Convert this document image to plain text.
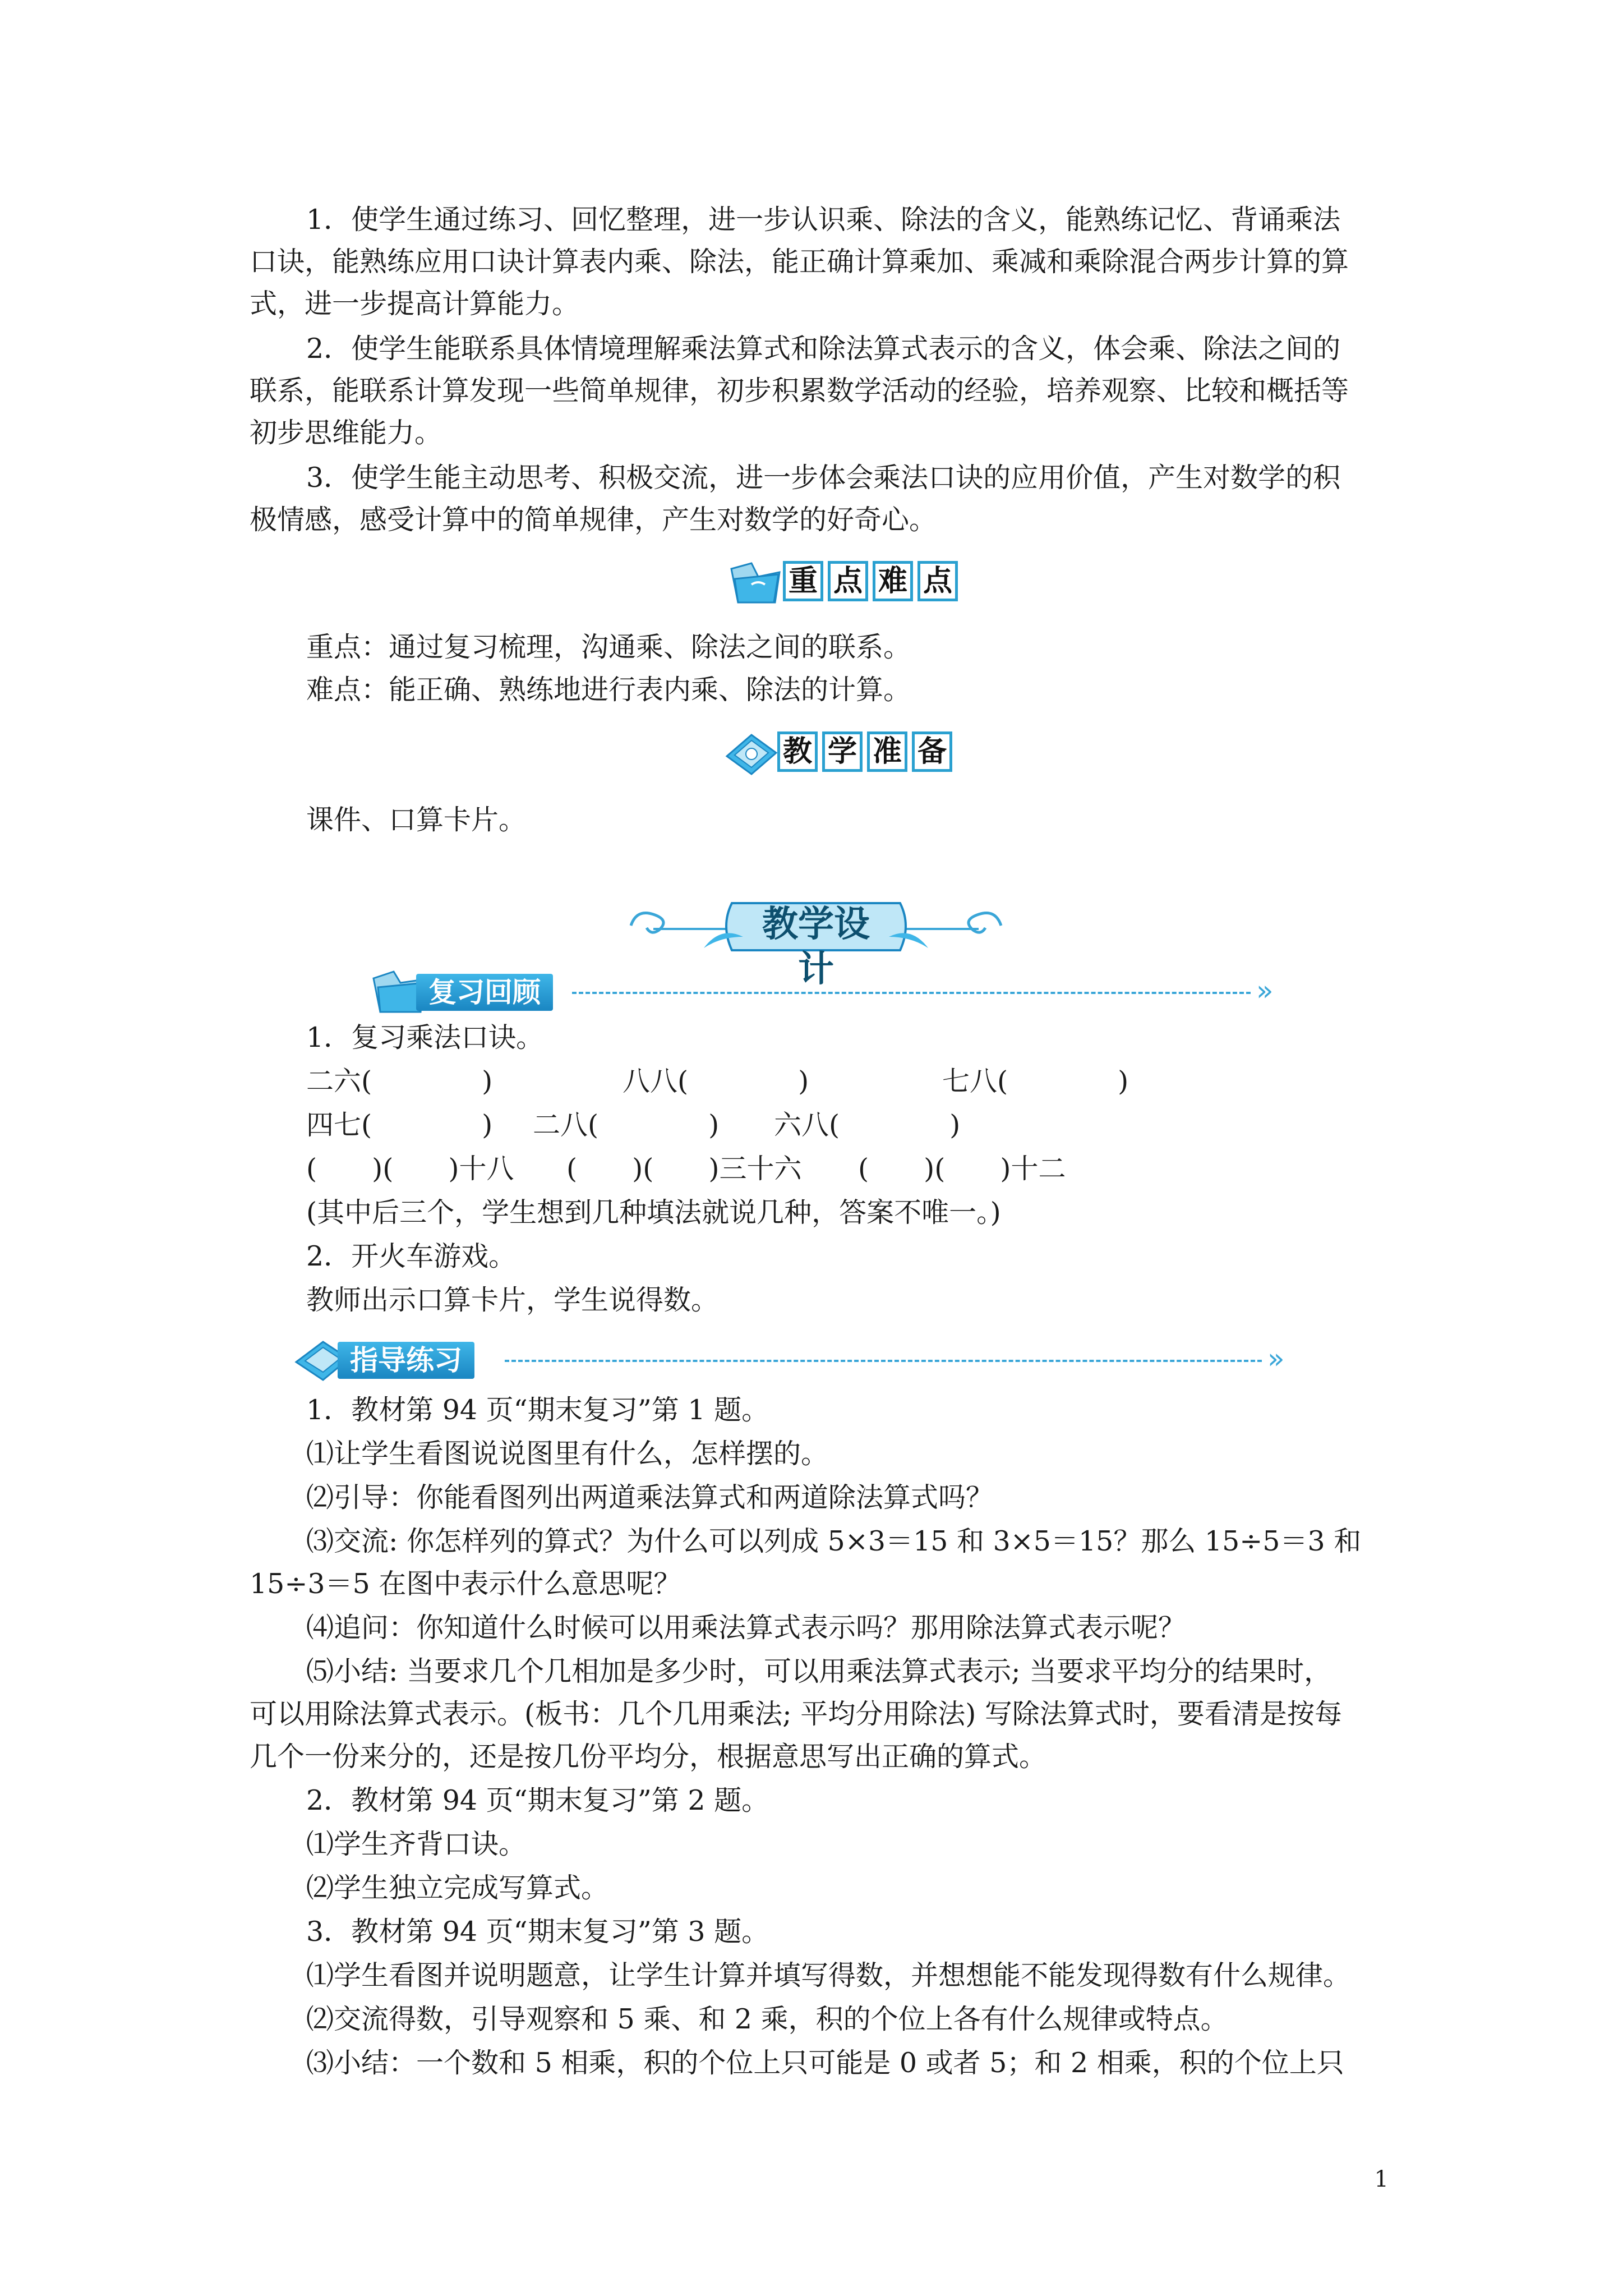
1．使学生通过练习、回忆整理，进一步认识乘、除法的含义，能熟练记忆、背诵乘法
口诀，能熟练应用口诀计算表内乘、除法，能正确计算乘加、乘减和乘除混合两步计算的算
式，进一步提高计算能力。
2．使学生能联系具体情境理解乘法算式和除法算式表示的含义，体会乘、除法之间的
联系，能联系计算发现一些简单规律，初步积累数学活动的经验，培养观察、比较和概括等
初步思维能力。
3．使学生能主动思考、积极交流，进一步体会乘法口诀的应用价值，产生对数学的积
极情感，感受计算中的简单规律，产生对数学的好奇心。
重 点 难 点
重点：通过复习梳理，沟通乘、除法之间的联系。
难点：能正确、熟练地进行表内乘、除法的计算。
教 学 准 备
课件、口算卡片。
教学设计
复习回顾	»
1．复习乘法口诀。
二六(　　　　)	八八(　　　　)	七八(　　　　)
四七(　　　　) 二八(　　　　) 六八(　　　　)
(　　)(　　)十八 (　　)(　　)三十六 (　　)(　　)十二
(其中后三个，学生想到几种填法就说几种，答案不唯一。)
2．开火车游戏。
教师出示口算卡片，学生说得数。
指导练习	»
1．教材第 94 页“期末复习”第 1 题。
⑴让学生看图说说图里有什么，怎样摆的。
⑵引导：你能看图列出两道乘法算式和两道除法算式吗？
⑶交流: 你怎样列的算式？为什么可以列成 5×3＝15 和 3×5＝15？那么 15÷5＝3 和
15÷3＝5 在图中表示什么意思呢？
⑷追问：你知道什么时候可以用乘法算式表示吗？那用除法算式表示呢？
⑸小结: 当要求几个几相加是多少时，可以用乘法算式表示; 当要求平均分的结果时，
可以用除法算式表示。(板书：几个几用乘法; 平均分用除法) 写除法算式时，要看清是按每
几个一份来分的，还是按几份平均分，根据意思写出正确的算式。
2．教材第 94 页“期末复习”第 2 题。
⑴学生齐背口诀。
⑵学生独立完成写算式。
3．教材第 94 页“期末复习”第 3 题。
⑴学生看图并说明题意，让学生计算并填写得数，并想想能不能发现得数有什么规律。
⑵交流得数，引导观察和 5 乘、和 2 乘，积的个位上各有什么规律或特点。
⑶小结：一个数和 5 相乘，积的个位上只可能是 0 或者 5；和 2 相乘，积的个位上只
1
